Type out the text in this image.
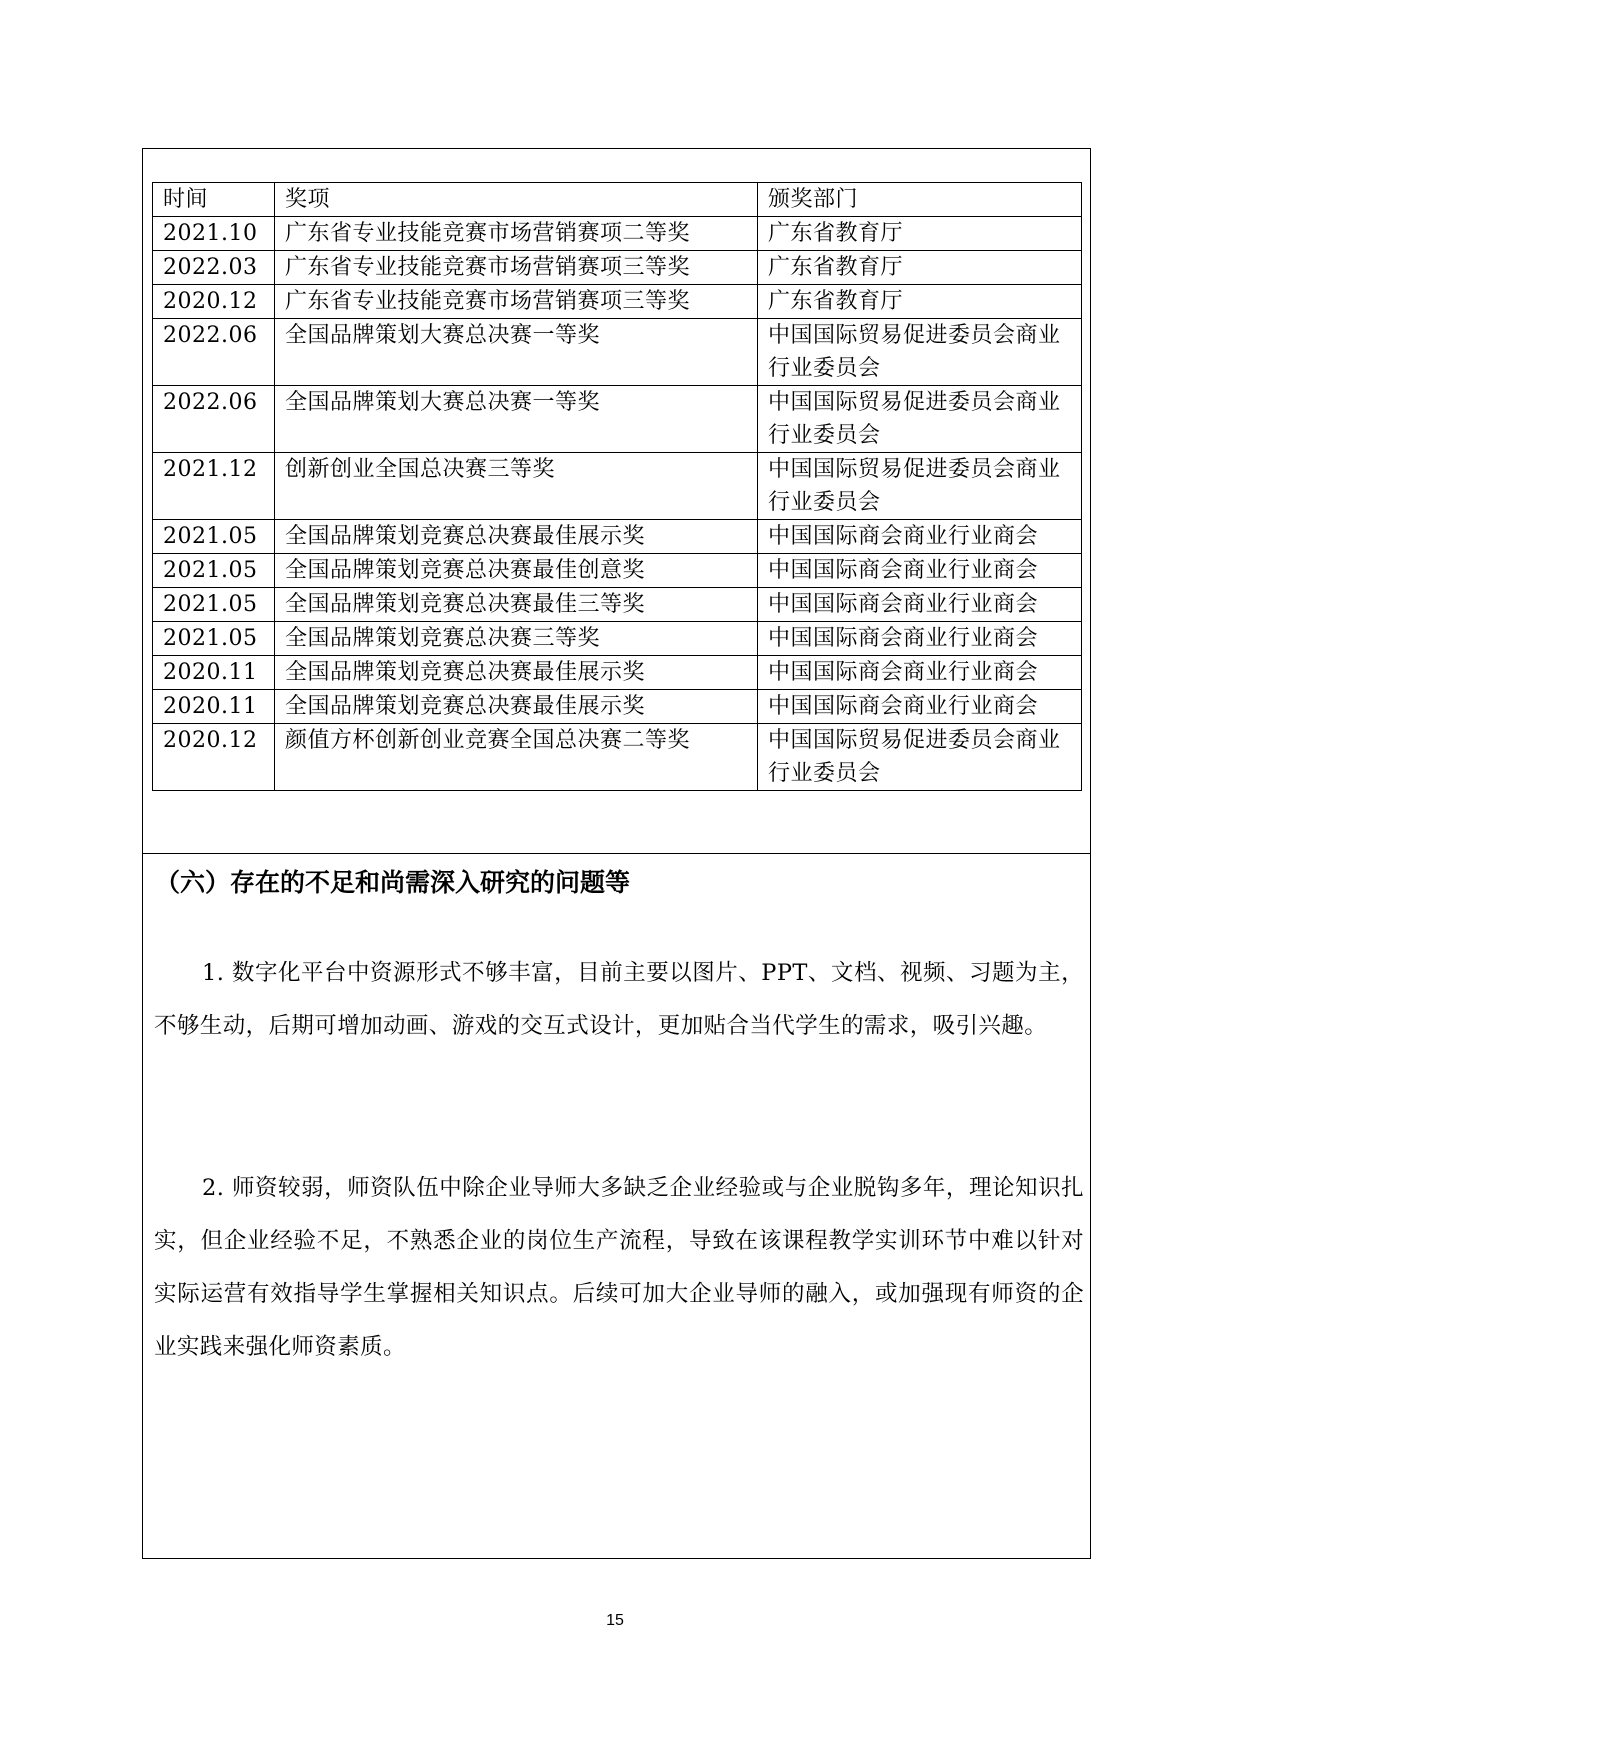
时间	奖项	颁奖部门
2021.10	广东省专业技能竞赛市场营销赛项二等奖	广东省教育厅
2022.03	广东省专业技能竞赛市场营销赛项三等奖	广东省教育厅
2020.12	广东省专业技能竞赛市场营销赛项三等奖	广东省教育厅
2022.06	全国品牌策划大赛总决赛一等奖	中国国际贸易促进委员会商业行业委员会
2022.06	全国品牌策划大赛总决赛一等奖	中国国际贸易促进委员会商业行业委员会
2021.12	创新创业全国总决赛三等奖	中国国际贸易促进委员会商业行业委员会
2021.05	全国品牌策划竞赛总决赛最佳展示奖	中国国际商会商业行业商会
2021.05	全国品牌策划竞赛总决赛最佳创意奖	中国国际商会商业行业商会
2021.05	全国品牌策划竞赛总决赛最佳三等奖	中国国际商会商业行业商会
2021.05	全国品牌策划竞赛总决赛三等奖	中国国际商会商业行业商会
2020.11	全国品牌策划竞赛总决赛最佳展示奖	中国国际商会商业行业商会
2020.11	全国品牌策划竞赛总决赛最佳展示奖	中国国际商会商业行业商会
2020.12	颜值方杯创新创业竞赛全国总决赛二等奖	中国国际贸易促进委员会商业行业委员会
（六）存在的不足和尚需深入研究的问题等

1. 数字化平台中资源形式不够丰富，目前主要以图片、PPT、文档、视频、习题为主，不够生动，后期可增加动画、游戏的交互式设计，更加贴合当代学生的需求，吸引兴趣。

2. 师资较弱，师资队伍中除企业导师大多缺乏企业经验或与企业脱钩多年，理论知识扎实，但企业经验不足，不熟悉企业的岗位生产流程，导致在该课程教学实训环节中难以针对实际运营有效指导学生掌握相关知识点。后续可加大企业导师的融入，或加强现有师资的企业实践来强化师资素质。

15
